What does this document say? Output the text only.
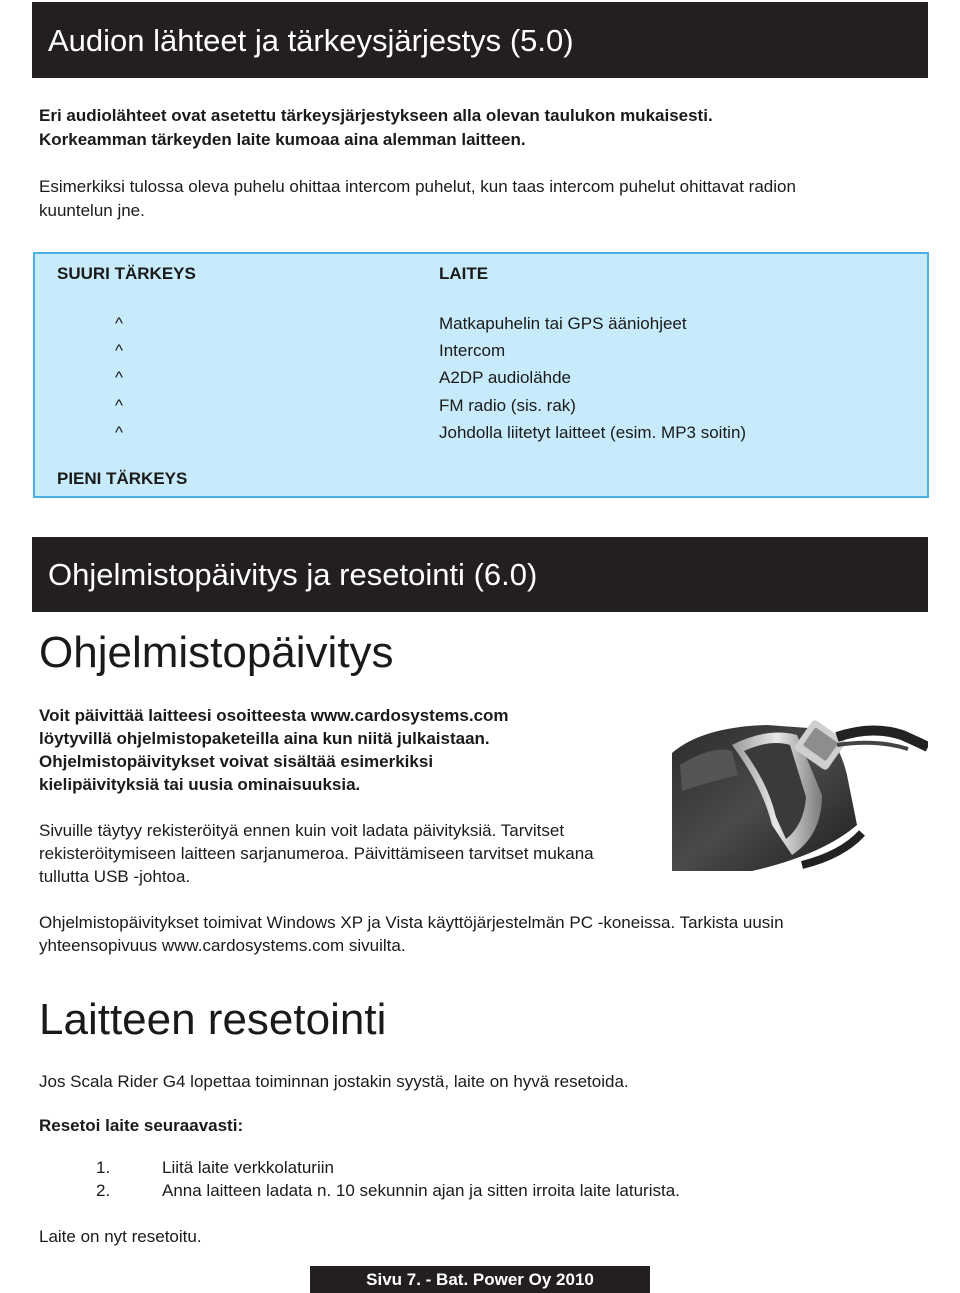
Audion lähteet ja tärkeysjärjestys
(5.0)
Eri audiolähteet ovat asetettu tärkeysjärjestykseen alla olevan taulukon mukaisesti.
Korkeamman tärkeyden laite kumoaa aina alemman laitteen.
Esimerkiksi tulossa oleva puhelu ohittaa intercom puhelut, kun taas intercom puhelut ohittavat radion
kuuntelun jne.
SUURI TÄRKEYS	LAITE
^	Matkapuhelin tai GPS ääniohjeet
^	Intercom
^	A2DP audiolähde
^	FM radio (sis. rak)
^	Johdolla liitetyt laitteet (esim. MP3 soitin)
PIENI TÄRKEYS
Ohjelmistopäivitys ja resetointi
(6.0)
Ohjelmistopäivitys
Voit päivittää laitteesi osoitteesta www.cardosystems.com
löytyvillä ohjelmistopaketeilla aina kun niitä julkaistaan.
Ohjelmistopäivitykset voivat sisältää esimerkiksi
kielipäivityksiä tai uusia ominaisuuksia.
Sivuille täytyy rekisteröityä ennen kuin voit ladata päivityksiä. Tarvitset
rekisteröitymiseen laitteen sarjanumeroa. Päivittämiseen tarvitset mukana
tullutta USB -johtoa.
Ohjelmistopäivitykset toimivat Windows XP ja Vista käyttöjärjestelmän PC -koneissa. Tarkista uusin
yhteensopivuus www.cardosystems.com sivuilta.
Laitteen resetointi
Jos Scala Rider G4 lopettaa toiminnan jostakin syystä, laite on hyvä resetoida.
Resetoi laite seuraavasti:
1.	Liitä laite verkkolaturiin
2.	Anna laitteen ladata n. 10 sekunnin ajan ja sitten irroita laite laturista.
Laite on nyt resetoitu.
Sivu 7. - Bat. Power Oy 2010
